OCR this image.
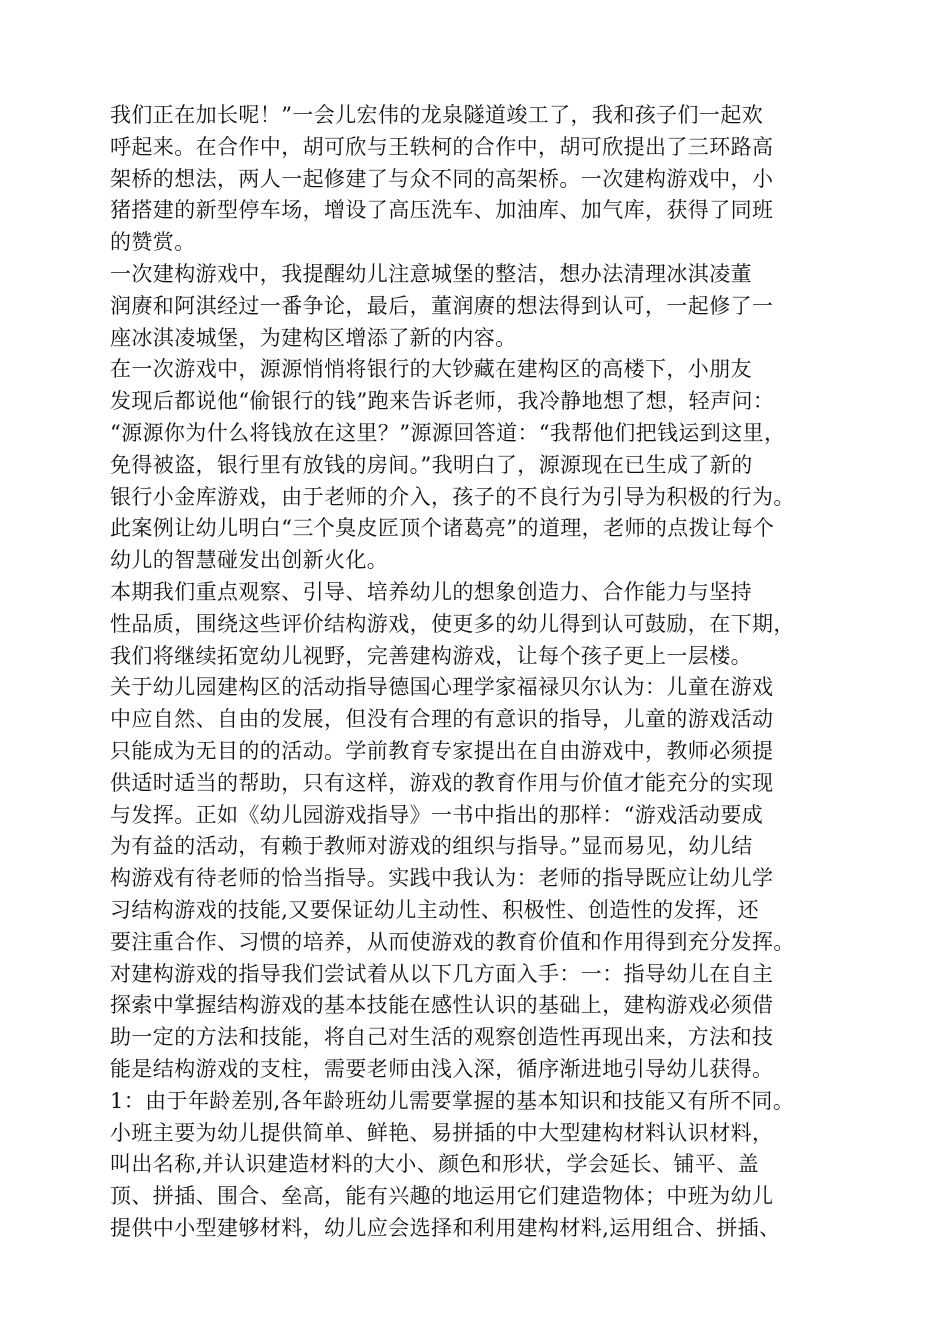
我们正在加长呢！”一会儿宏伟的龙泉隧道竣工了，我和孩子们一起欢
呼起来。在合作中，胡可欣与王轶柯的合作中，胡可欣提出了三环路高
架桥的想法，两人一起修建了与众不同的高架桥。一次建构游戏中，小
猪搭建的新型停车场，增设了高压洗车、加油库、加气库，获得了同班
的赞赏。
一次建构游戏中，我提醒幼儿注意城堡的整洁，想办法清理冰淇凌董
润赓和阿淇经过一番争论，最后，董润赓的想法得到认可，一起修了一
座冰淇凌城堡，为建构区增添了新的内容。
在一次游戏中，源源悄悄将银行的大钞藏在建构区的高楼下，小朋友
发现后都说他“偷银行的钱”跑来告诉老师，我冷静地想了想，轻声问：
“源源你为什么将钱放在这里？”源源回答道：“我帮他们把钱运到这里，
免得被盗，银行里有放钱的房间。”我明白了，源源现在已生成了新的
银行小金库游戏，由于老师的介入，孩子的不良行为引导为积极的行为。
此案例让幼儿明白“三个臭皮匠顶个诸葛亮”的道理，老师的点拨让每个
幼儿的智慧碰发出创新火化。
本期我们重点观察、引导、培养幼儿的想象创造力、合作能力与坚持
性品质，围绕这些评价结构游戏，使更多的幼儿得到认可鼓励，在下期，
我们将继续拓宽幼儿视野，完善建构游戏，让每个孩子更上一层楼。
关于幼儿园建构区的活动指导德国心理学家福禄贝尔认为：儿童在游戏
中应自然、自由的发展，但没有合理的有意识的指导，儿童的游戏活动
只能成为无目的的活动。学前教育专家提出在自由游戏中，教师必须提
供适时适当的帮助，只有这样，游戏的教育作用与价值才能充分的实现
与发挥。正如《幼儿园游戏指导》一书中指出的那样：“游戏活动要成
为有益的活动，有赖于教师对游戏的组织与指导。”显而易见，幼儿结
构游戏有待老师的恰当指导。实践中我认为：老师的指导既应让幼儿学
习结构游戏的技能,又要保证幼儿主动性、积极性、创造性的发挥，还
要注重合作、习惯的培养，从而使游戏的教育价值和作用得到充分发挥。
对建构游戏的指导我们尝试着从以下几方面入手：一：指导幼儿在自主
探索中掌握结构游戏的基本技能在感性认识的基础上，建构游戏必须借
助一定的方法和技能，将自己对生活的观察创造性再现出来，方法和技
能是结构游戏的支柱，需要老师由浅入深，循序渐进地引导幼儿获得。
1：由于年龄差别,各年龄班幼儿需要掌握的基本知识和技能又有所不同。
小班主要为幼儿提供简单、鲜艳、易拼插的中大型建构材料认识材料，
叫出名称,并认识建造材料的大小、颜色和形状，学会延长、铺平、盖
顶、拼插、围合、垒高，能有兴趣的地运用它们建造物体；中班为幼儿
提供中小型建够材料，幼儿应会选择和利用建构材料,运用组合、拼插、
